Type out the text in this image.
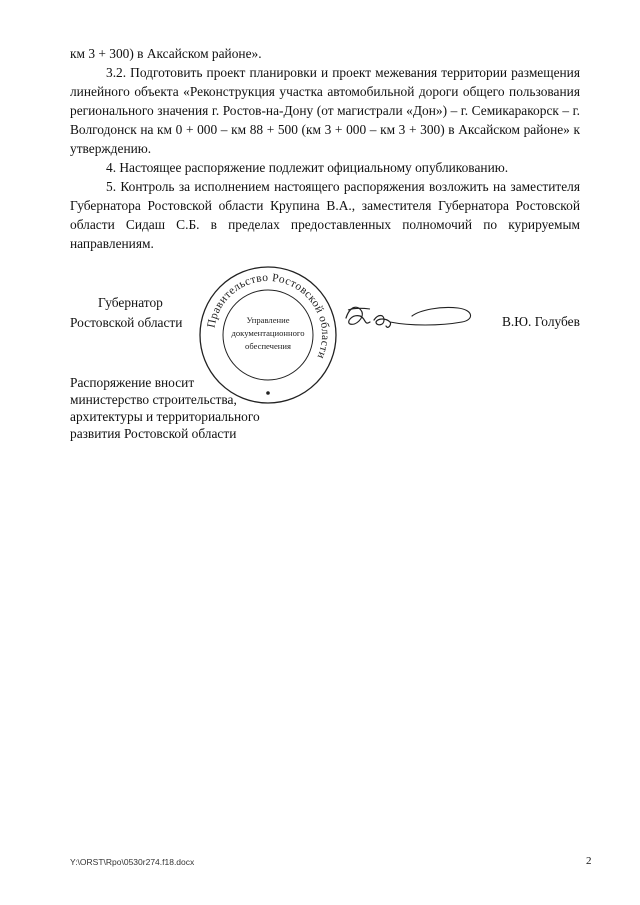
км 3 + 300) в Аксайском районе».

3.2. Подготовить проект планировки и проект межевания территории размещения линейного объекта «Реконструкция участка автомобильной дороги общего пользования регионального значения г. Ростов-на-Дону (от магистрали «Дон») – г. Семикаракорск – г. Волгодонск на км 0 + 000 – км 88 + 500 (км 3 + 000 – км 3 + 300) в Аксайском районе» к утверждению.

4. Настоящее распоряжение подлежит официальному опубликованию.

5. Контроль за исполнением настоящего распоряжения возложить на заместителя Губернатора Ростовской области Крупина В.А., заместителя Губернатора Ростовской области Сидаш С.Б. в пределах предоставленных полномочий по курируемым направлениям.

Губернатор
Ростовской области Правительство Ростовской области
Управление
документационного
обеспечения
В.Ю. Голубев
Распоряжение вносит
министерство строительства,
архитектуры и территориального
развития Ростовской области
Y:\ORST\Rpo\0530r274.f18.docx	2
